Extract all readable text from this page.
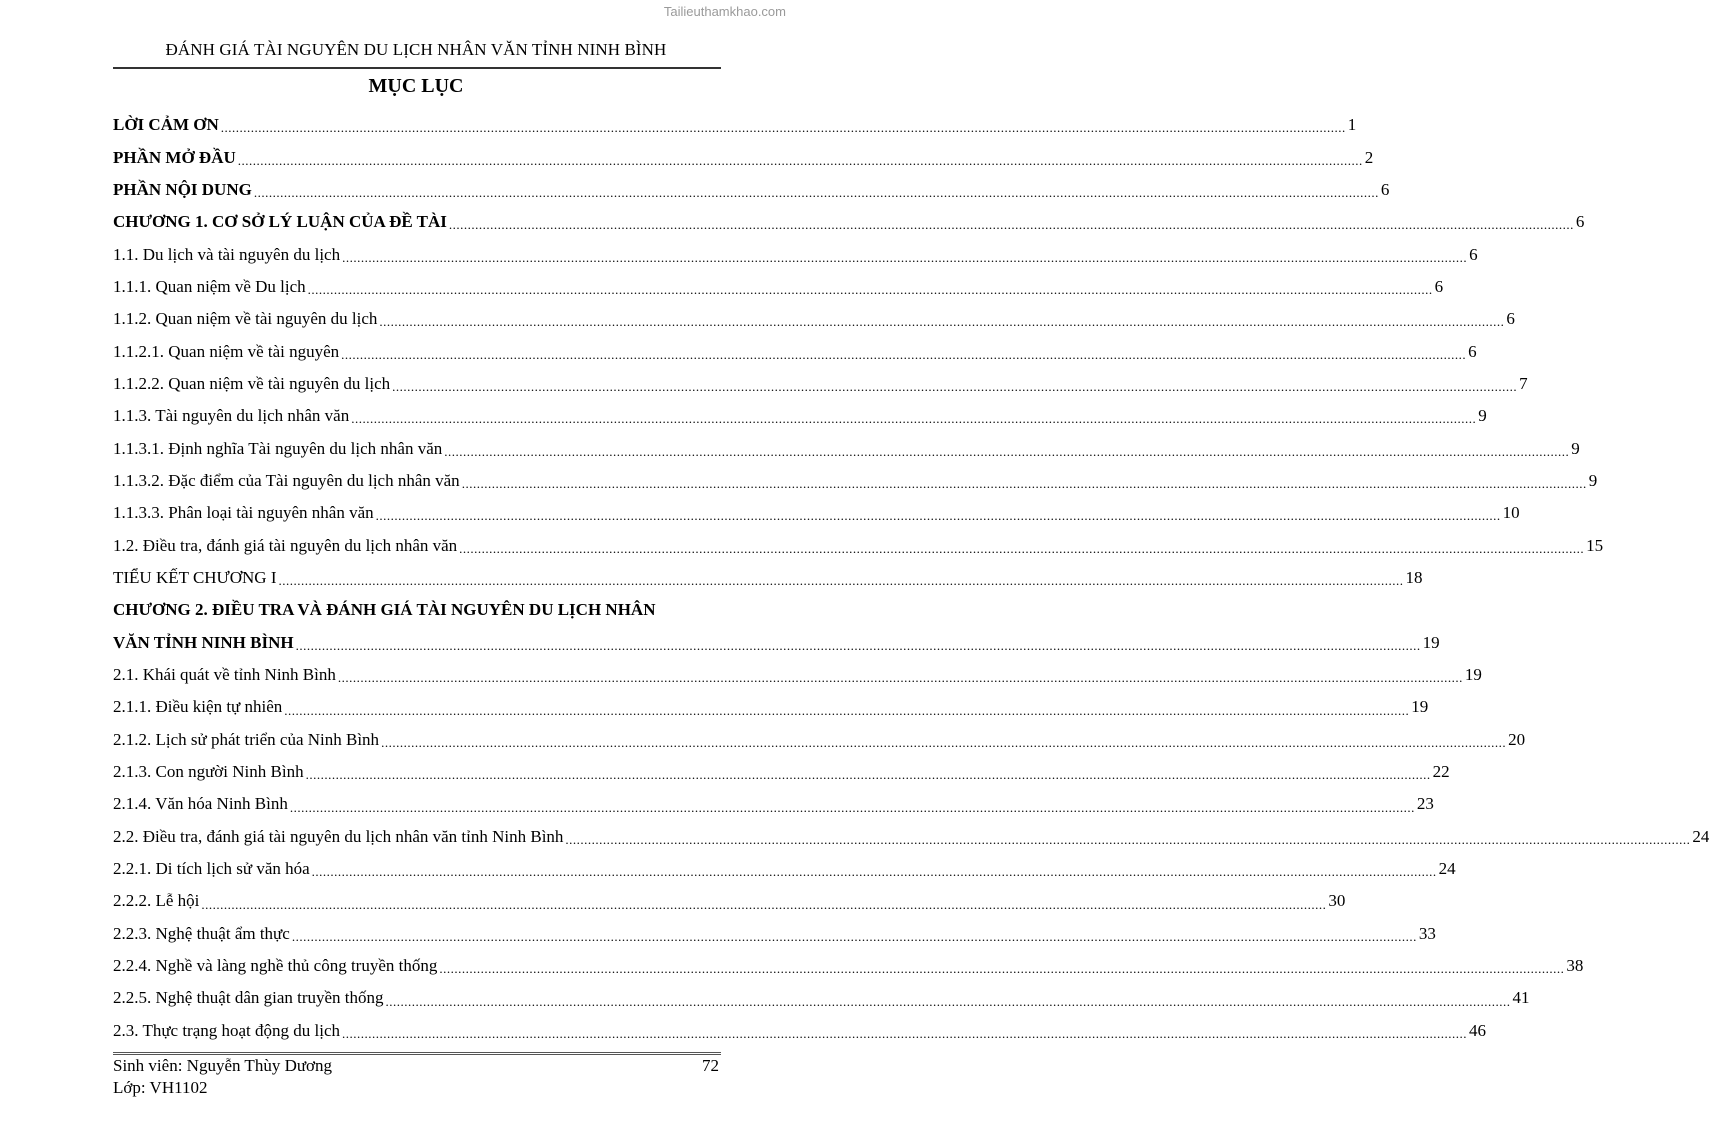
Tailieuthamkhao.com
ĐÁNH GIÁ TÀI NGUYÊN DU LỊCH NHÂN VĂN TỈNH NINH BÌNH
MỤC LỤC
LỜI CẢM ƠN ............................................................................................................................................................................................................................................................................................................ 1
PHẦN MỞ ĐẦU ............................................................................................................................................................................................................................................................................................................ 2
PHẦN NỘI DUNG ............................................................................................................................................................................................................................................................................................................ 6
CHƯƠNG 1. CƠ SỞ LÝ LUẬN CỦA ĐỀ TÀI ............................................................................................................................................................................................................................................................................................................ 6
1.1. Du lịch và tài nguyên du lịch ............................................................................................................................................................................................................................................................................................................ 6
1.1.1. Quan niệm về Du lịch ............................................................................................................................................................................................................................................................................................................ 6
1.1.2. Quan niệm về tài nguyên du lịch ............................................................................................................................................................................................................................................................................................................ 6
1.1.2.1. Quan niệm về tài nguyên ............................................................................................................................................................................................................................................................................................................ 6
1.1.2.2. Quan niệm về tài nguyên du lịch ............................................................................................................................................................................................................................................................................................................ 7
1.1.3. Tài nguyên du lịch nhân văn ............................................................................................................................................................................................................................................................................................................ 9
1.1.3.1. Định nghĩa Tài nguyên du lịch nhân văn ............................................................................................................................................................................................................................................................................................................ 9
1.1.3.2. Đặc điểm của Tài nguyên du lịch nhân văn ............................................................................................................................................................................................................................................................................................................ 9
1.1.3.3. Phân loại tài nguyên nhân văn ............................................................................................................................................................................................................................................................................................................ 10
1.2. Điều tra, đánh giá tài nguyên du lịch nhân văn ............................................................................................................................................................................................................................................................................................................ 15
TIỂU KẾT CHƯƠNG I ............................................................................................................................................................................................................................................................................................................ 18
CHƯƠNG 2. ĐIỀU TRA VÀ ĐÁNH GIÁ TÀI NGUYÊN DU LỊCH NHÂN
VĂN TỈNH NINH BÌNH ............................................................................................................................................................................................................................................................................................................ 19
2.1. Khái quát về tỉnh Ninh Bình ............................................................................................................................................................................................................................................................................................................ 19
2.1.1. Điều kiện tự nhiên ............................................................................................................................................................................................................................................................................................................ 19
2.1.2. Lịch sử phát triển của Ninh Bình ............................................................................................................................................................................................................................................................................................................ 20
2.1.3. Con người Ninh Bình ............................................................................................................................................................................................................................................................................................................ 22
2.1.4. Văn hóa Ninh Bình ............................................................................................................................................................................................................................................................................................................ 23
2.2. Điều tra, đánh giá tài nguyên du lịch nhân văn tỉnh Ninh Bình ............................................................................................................................................................................................................................................................................................................ 24
2.2.1. Di tích lịch sử văn hóa ............................................................................................................................................................................................................................................................................................................ 24
2.2.2. Lễ hội ............................................................................................................................................................................................................................................................................................................ 30
2.2.3. Nghệ thuật ẩm thực ............................................................................................................................................................................................................................................................................................................ 33
2.2.4. Nghề và làng nghề thủ công truyền thống ............................................................................................................................................................................................................................................................................................................ 38
2.2.5. Nghệ thuật dân gian truyền thống ............................................................................................................................................................................................................................................................................................................ 41
2.3. Thực trạng hoạt động du lịch ............................................................................................................................................................................................................................................................................................................ 46
Sinh viên: Nguyễn Thùy Dương	72
Lớp: VH1102
